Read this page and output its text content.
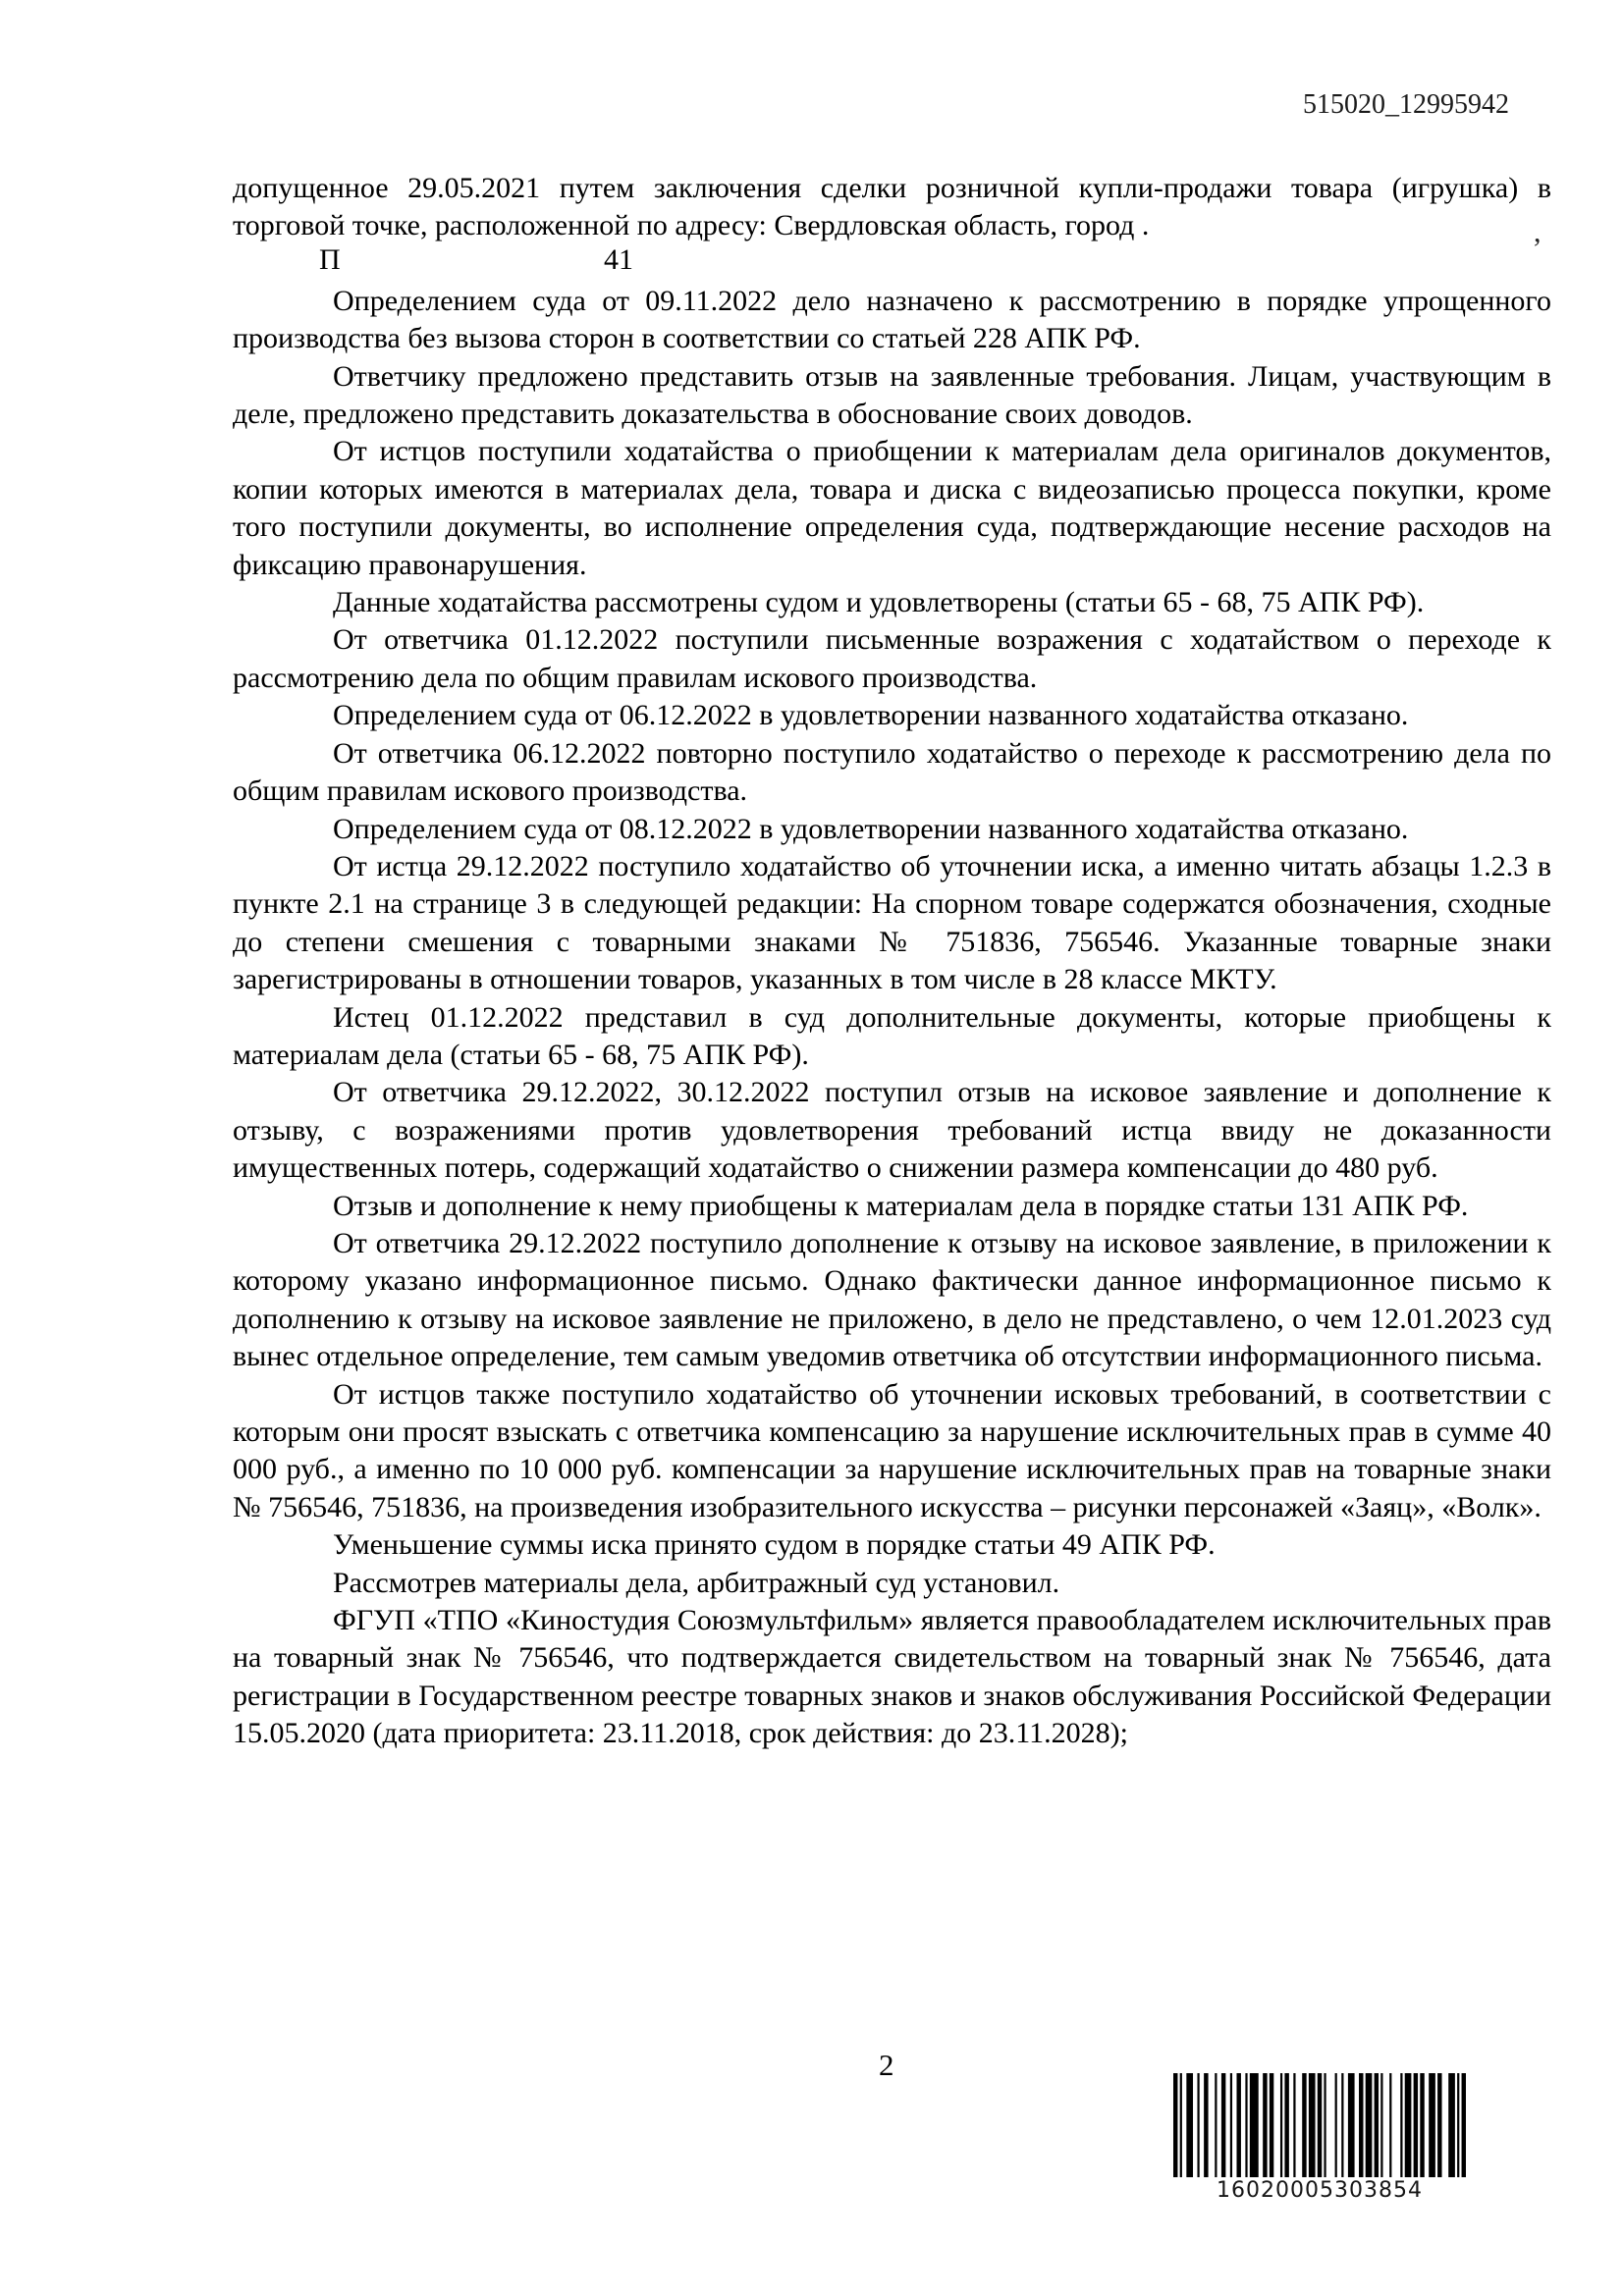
515020_12995942

допущенное 29.05.2021 путем заключения сделки розничной купли-продажи товара (игрушка) в торговой точке, расположенной по адресу: Свердловская область, город .

П	41

Определением суда от 09.11.2022 дело назначено к рассмотрению в порядке упрощенного производства без вызова сторон в соответствии со статьей 228 АПК РФ.

Ответчику предложено представить отзыв на заявленные требования. Лицам, участвующим в деле, предложено представить доказательства в обоснование своих доводов.

От истцов поступили ходатайства о приобщении к материалам дела оригиналов документов, копии которых имеются в материалах дела, товара и диска с видеозаписью процесса покупки, кроме того поступили документы, во исполнение определения суда, подтверждающие несение расходов на фиксацию правонарушения.

Данные ходатайства рассмотрены судом и удовлетворены (статьи 65 - 68, 75 АПК РФ).

От ответчика 01.12.2022 поступили письменные возражения с ходатайством о переходе к рассмотрению дела по общим правилам искового производства.

Определением суда от 06.12.2022 в удовлетворении названного ходатайства отказано.

От ответчика 06.12.2022 повторно поступило ходатайство о переходе к рассмотрению дела по общим правилам искового производства.

Определением суда от 08.12.2022 в удовлетворении названного ходатайства отказано.

От истца 29.12.2022 поступило ходатайство об уточнении иска, а именно читать абзацы 1.2.3 в пункте 2.1 на странице 3 в следующей редакции: На спорном товаре содержатся обозначения, сходные до степени смешения с товарными знаками № 751836, 756546. Указанные товарные знаки зарегистрированы в отношении товаров, указанных в том числе в 28 классе МКТУ.

Истец 01.12.2022 представил в суд дополнительные документы, которые приобщены к материалам дела (статьи 65 - 68, 75 АПК РФ).

От ответчика 29.12.2022, 30.12.2022 поступил отзыв на исковое заявление и дополнение к отзыву, с возражениями против удовлетворения требований истца ввиду не доказанности имущественных потерь, содержащий ходатайство о снижении размера компенсации до 480 руб.

Отзыв и дополнение к нему приобщены к материалам дела в порядке статьи 131 АПК РФ.

От ответчика 29.12.2022 поступило дополнение к отзыву на исковое заявление, в приложении к которому указано информационное письмо. Однако фактически данное информационное письмо к дополнению к отзыву на исковое заявление не приложено, в дело не представлено, о чем 12.01.2023 суд вынес отдельное определение, тем самым уведомив ответчика об отсутствии информационного письма.

От истцов также поступило ходатайство об уточнении исковых требований, в соответствии с которым они просят взыскать с ответчика компенсацию за нарушение исключительных прав в сумме 40 000 руб., а именно по 10 000 руб. компенсации за нарушение исключительных прав на товарные знаки № 756546, 751836, на произведения изобразительного искусства – рисунки персонажей «Заяц», «Волк».

Уменьшение суммы иска принято судом в порядке статьи 49 АПК РФ.

Рассмотрев материалы дела, арбитражный суд установил.

ФГУП «ТПО «Киностудия Союзмультфильм» является правообладателем исключительных прав на товарный знак № 756546, что подтверждается свидетельством на товарный знак № 756546, дата регистрации в Государственном реестре товарных знаков и знаков обслуживания Российской Федерации 15.05.2020 (дата приоритета: 23.11.2018, срок действия: до 23.11.2028);

,
2
16020005303854
